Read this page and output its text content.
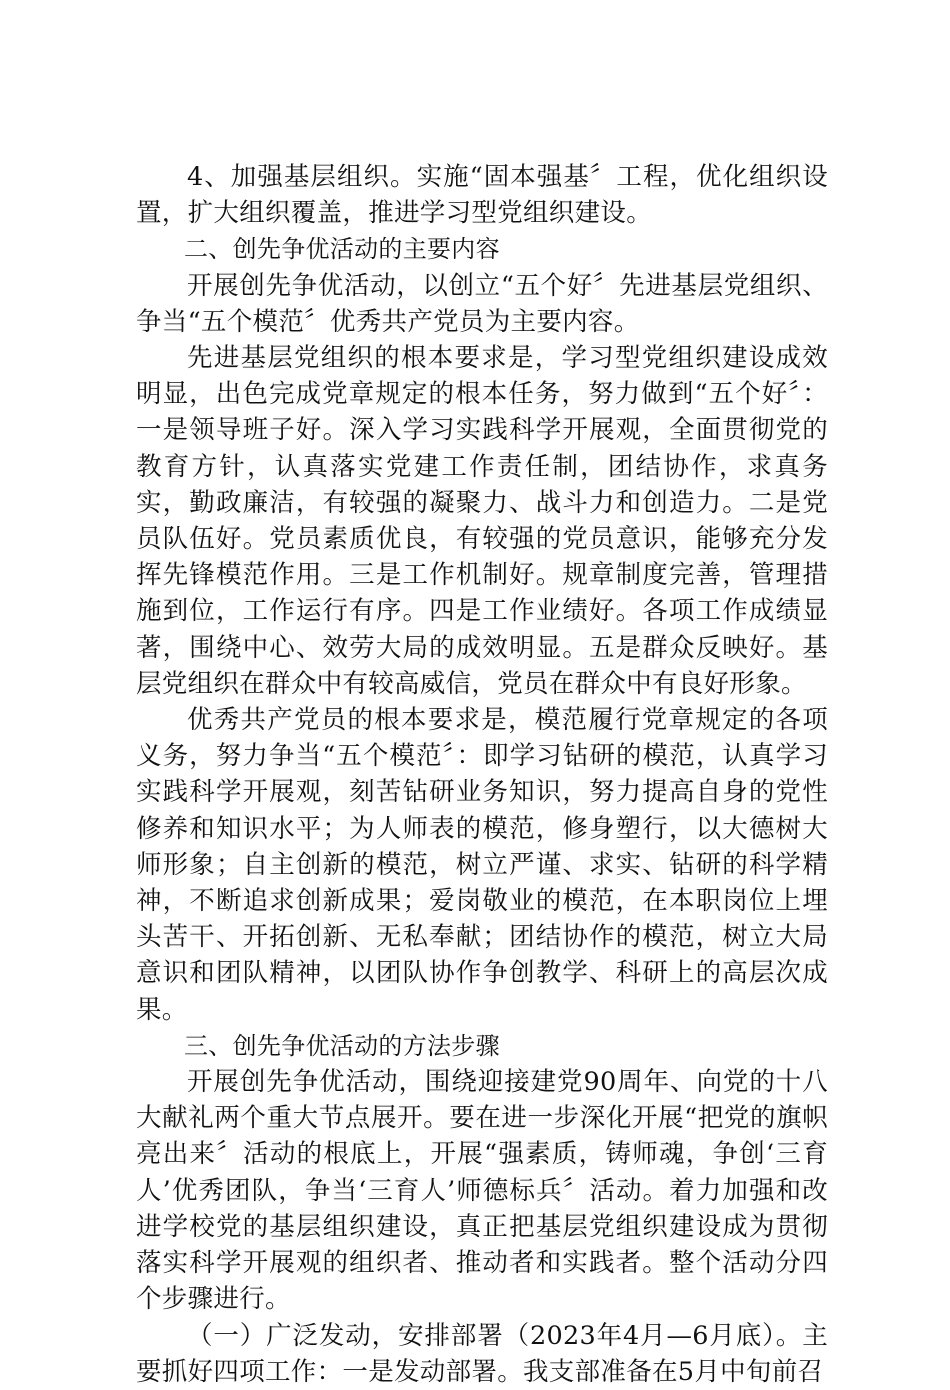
4、加强基层组织。实施“固本强基〞工程，优化组织设置，扩大组织覆盖，推进学习型党组织建设。

二、创先争优活动的主要内容

开展创先争优活动，以创立“五个好〞先进基层党组织、争当“五个模范〞优秀共产党员为主要内容。

先进基层党组织的根本要求是，学习型党组织建设成效明显，出色完成党章规定的根本任务，努力做到“五个好〞：一是领导班子好。深入学习实践科学开展观，全面贯彻党的教育方针，认真落实党建工作责任制，团结协作，求真务实，勤政廉洁，有较强的凝聚力、战斗力和创造力。二是党员队伍好。党员素质优良，有较强的党员意识，能够充分发挥先锋模范作用。三是工作机制好。规章制度完善，管理措施到位，工作运行有序。四是工作业绩好。各项工作成绩显著，围绕中心、效劳大局的成效明显。五是群众反映好。基层党组织在群众中有较高威信，党员在群众中有良好形象。

优秀共产党员的根本要求是，模范履行党章规定的各项义务，努力争当“五个模范〞：即学习钻研的模范，认真学习实践科学开展观，刻苦钻研业务知识，努力提高自身的党性修养和知识水平；为人师表的模范，修身塑行，以大德树大师形象；自主创新的模范，树立严谨、求实、钻研的科学精神，不断追求创新成果；爱岗敬业的模范，在本职岗位上埋头苦干、开拓创新、无私奉献；团结协作的模范，树立大局意识和团队精神，以团队协作争创教学、科研上的高层次成果。

三、创先争优活动的方法步骤

开展创先争优活动，围绕迎接建党90周年、向党的十八大献礼两个重大节点展开。要在进一步深化开展“把党的旗帜亮出来〞活动的根底上，开展“强素质，铸师魂，争创‘三育人’优秀团队，争当‘三育人’师德标兵〞活动。着力加强和改进学校党的基层组织建设，真正把基层党组织建设成为贯彻落实科学开展观的组织者、推动者和实践者。整个活动分四个步骤进行。

（一）广泛发动，安排部署（2023年4月—6月底）。主要抓好四项工作：一是发动部署。我支部准备在5月中旬前召
